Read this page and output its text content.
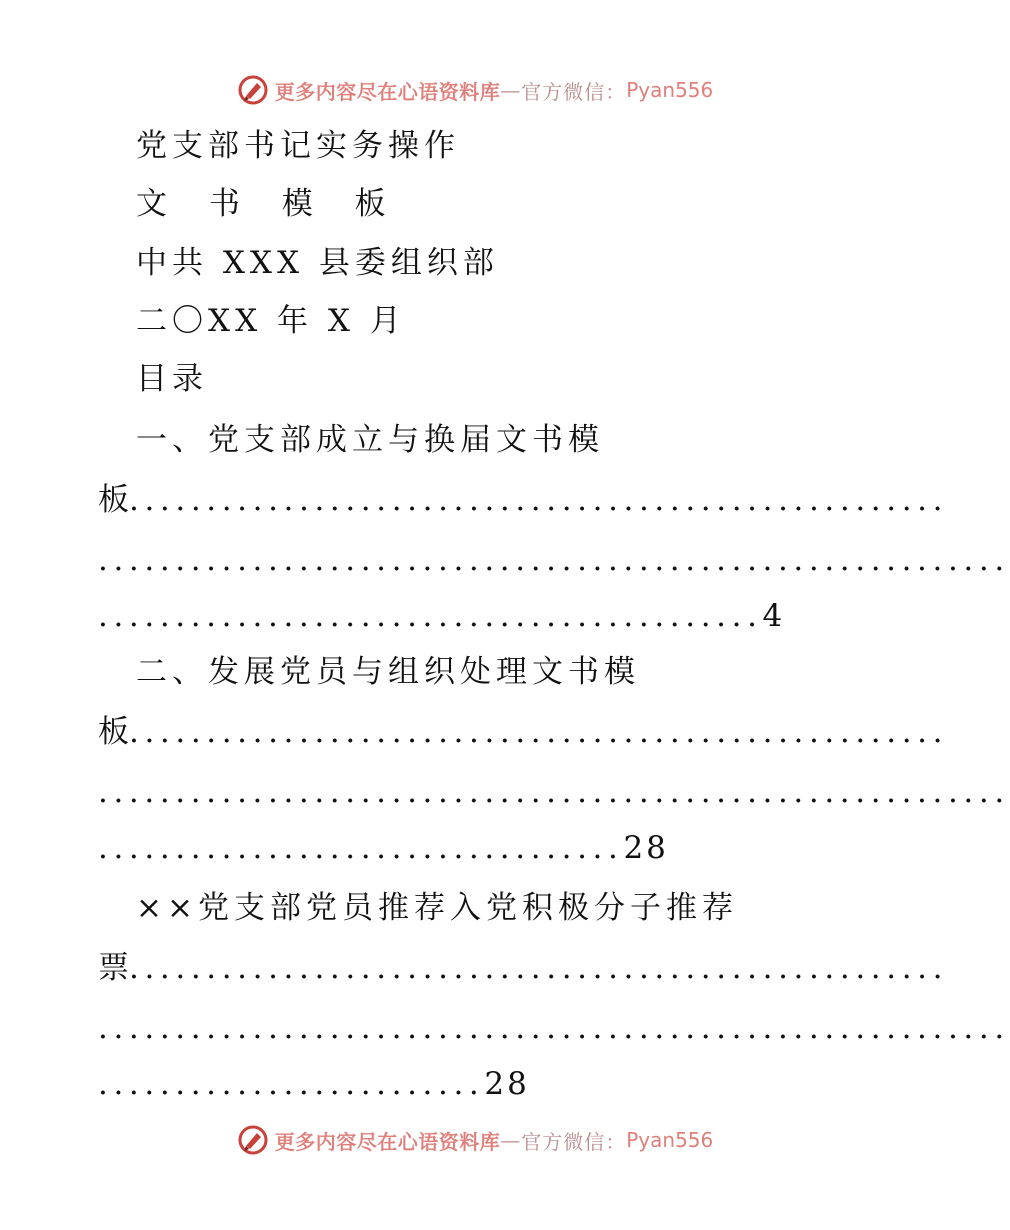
更多内容尽在心语资料库 — 官方微信： Pyan556
党支部书记实务操作
文 书 模 板
中共 XXX 县委组织部
二〇XX 年 X 月
目录
一、党支部成立与换届文书模
板.....................................................
...........................................................
...........................................4
二、发展党员与组织处理文书模
板.....................................................
...........................................................
..................................28
××党支部党员推荐入党积极分子推荐
票.....................................................
...........................................................
.........................28
更多内容尽在心语资料库 — 官方微信： Pyan556
